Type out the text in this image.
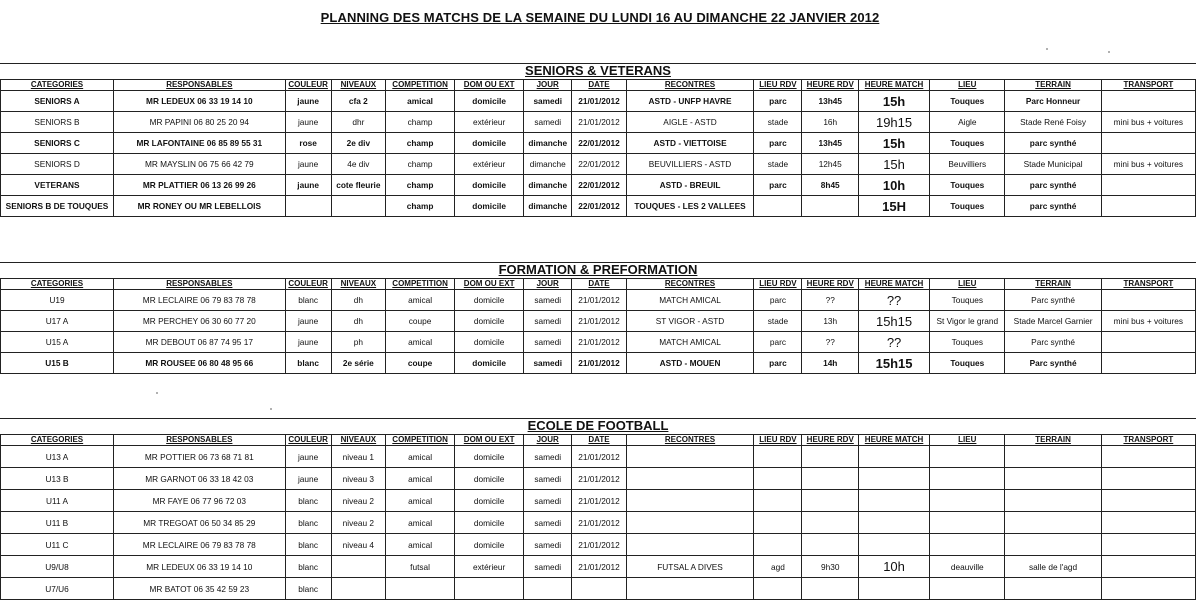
PLANNING DES MATCHS DE LA SEMAINE DU LUNDI 16 AU DIMANCHE 22 JANVIER 2012
SENIORS & VETERANS
CATEGORIES	RESPONSABLES	COULEUR	NIVEAUX	COMPETITION	DOM OU EXT	JOUR	DATE	RECONTRES	LIEU RDV	HEURE RDV	HEURE MATCH	LIEU	TERRAIN	TRANSPORT
SENIORS A	MR LEDEUX 06 33 19 14 10	jaune	cfa 2	amical	domicile	samedi	21/01/2012	ASTD - UNFP HAVRE	parc	13h45	15h	Touques	Parc Honneur	
SENIORS B	MR PAPINI 06 80 25 20 94	jaune	dhr	champ	extérieur	samedi	21/01/2012	AIGLE - ASTD	stade	16h	19h15	Aigle	Stade René Foisy	mini bus + voitures
SENIORS C	MR LAFONTAINE 06 85 89 55 31	rose	2e div	champ	domicile	dimanche	22/01/2012	ASTD - VIETTOISE	parc	13h45	15h	Touques	parc synthé	
SENIORS D	MR MAYSLIN 06 75 66 42 79	jaune	4e div	champ	extérieur	dimanche	22/01/2012	BEUVILLIERS - ASTD	stade	12h45	15h	Beuvilliers	Stade Municipal	mini bus + voitures
VETERANS	MR PLATTIER 06 13 26 99 26	jaune	cote fleurie	champ	domicile	dimanche	22/01/2012	ASTD - BREUIL	parc	8h45	10h	Touques	parc synthé	
SENIORS B DE TOUQUES	MR RONEY OU MR LEBELLOIS			champ	domicile	dimanche	22/01/2012	TOUQUES - LES 2 VALLEES			15H	Touques	parc synthé	
FORMATION & PREFORMATION
CATEGORIES	RESPONSABLES	COULEUR	NIVEAUX	COMPETITION	DOM OU EXT	JOUR	DATE	RECONTRES	LIEU RDV	HEURE RDV	HEURE MATCH	LIEU	TERRAIN	TRANSPORT
U19	MR LECLAIRE 06 79 83 78 78	blanc	dh	amical	domicile	samedi	21/01/2012	MATCH AMICAL	parc	??	??	Touques	Parc synthé	
U17 A	MR PERCHEY 06 30 60 77 20	jaune	dh	coupe	domicile	samedi	21/01/2012	ST VIGOR - ASTD	stade	13h	15h15	St Vigor le grand	Stade Marcel Garnier	mini bus + voitures
U15 A	MR DEBOUT 06 87 74 95 17	jaune	ph	amical	domicile	samedi	21/01/2012	MATCH AMICAL	parc	??	??	Touques	Parc synthé	
U15 B	MR ROUSEE 06 80 48 95 66	blanc	2e série	coupe	domicile	samedi	21/01/2012	ASTD - MOUEN	parc	14h	15h15	Touques	Parc synthé	
ECOLE DE FOOTBALL
CATEGORIES	RESPONSABLES	COULEUR	NIVEAUX	COMPETITION	DOM OU EXT	JOUR	DATE	RECONTRES	LIEU RDV	HEURE RDV	HEURE MATCH	LIEU	TERRAIN	TRANSPORT
U13 A	MR POTTIER 06 73 68 71 81	jaune	niveau 1	amical	domicile	samedi	21/01/2012							
U13 B	MR GARNOT 06 33 18 42 03	jaune	niveau 3	amical	domicile	samedi	21/01/2012							
U11 A	MR FAYE 06 77 96 72 03	blanc	niveau 2	amical	domicile	samedi	21/01/2012							
U11 B	MR TREGOAT 06 50 34 85 29	blanc	niveau 2	amical	domicile	samedi	21/01/2012							
U11 C	MR LECLAIRE 06 79 83 78 78	blanc	niveau 4	amical	domicile	samedi	21/01/2012							
U9/U8	MR LEDEUX 06 33 19 14 10	blanc		futsal	extérieur	samedi	21/01/2012	FUTSAL A DIVES	agd	9h30	10h	deauville	salle de l'agd	
U7/U6	MR BATOT 06 35 42 59 23	blanc												
